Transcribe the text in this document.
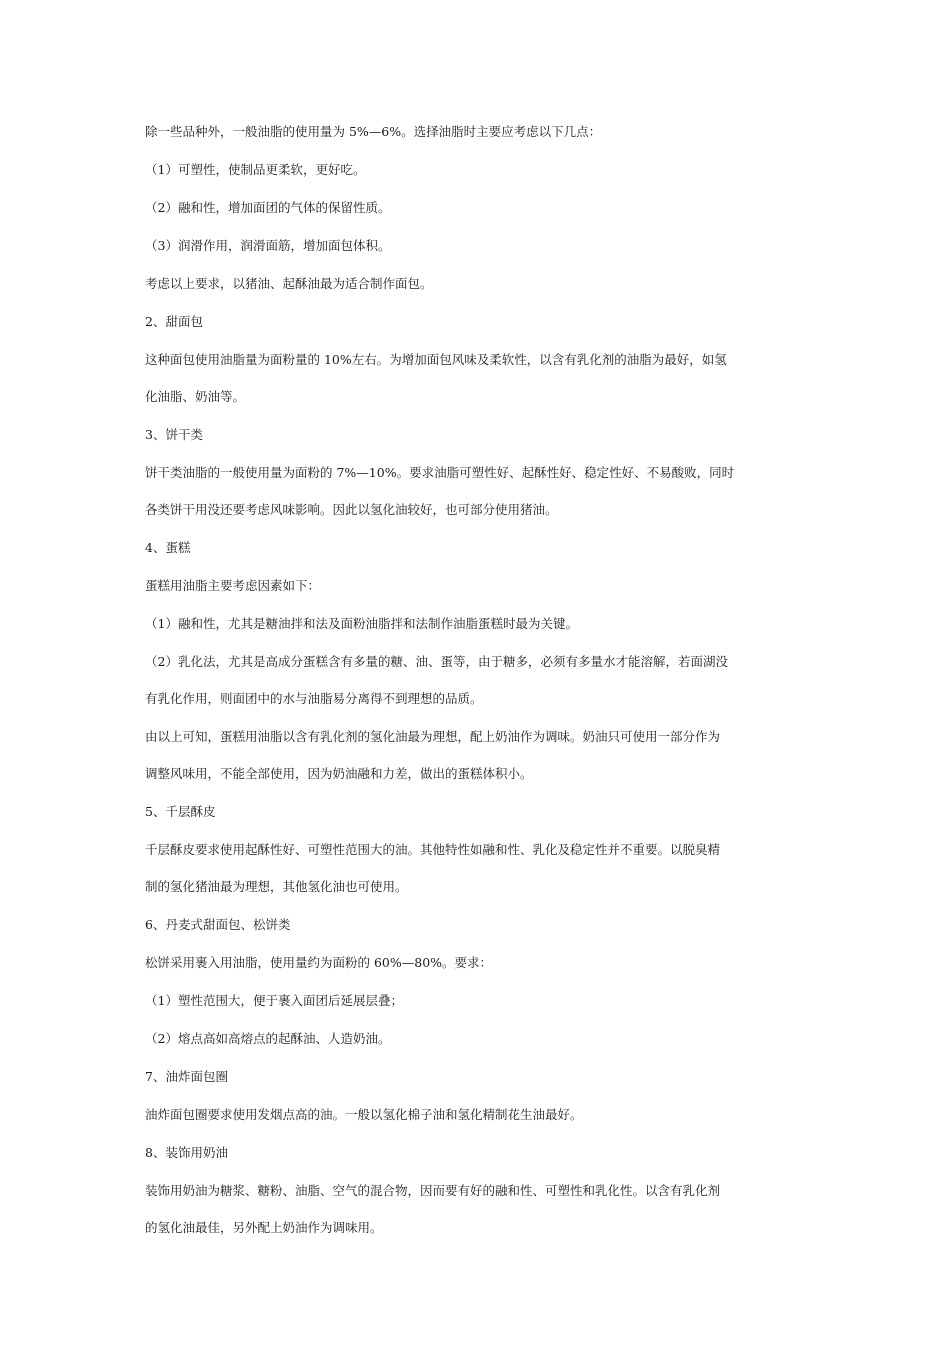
除一些品种外，一般油脂的使用量为 5%—6%。选择油脂时主要应考虑以下几点：

（1）可塑性，使制品更柔软，更好吃。

（2）融和性，增加面团的气体的保留性质。

（3）润滑作用，润滑面筋，增加面包体积。

考虑以上要求，以猪油、起酥油最为适合制作面包。

2、甜面包

这种面包使用油脂量为面粉量的 10%左右。为增加面包风味及柔软性，以含有乳化剂的油脂为最好，如氢

化油脂、奶油等。

3、饼干类

饼干类油脂的一般使用量为面粉的 7%—10%。要求油脂可塑性好、起酥性好、稳定性好、不易酸败，同时

各类饼干用没还要考虑风味影响。因此以氢化油较好，也可部分使用猪油。

4、蛋糕

蛋糕用油脂主要考虑因素如下：

（1）融和性，尤其是糖油拌和法及面粉油脂拌和法制作油脂蛋糕时最为关键。

（2）乳化法，尤其是高成分蛋糕含有多量的糖、油、蛋等，由于糖多，必须有多量水才能溶解，若面湖没

有乳化作用，则面团中的水与油脂易分离得不到理想的品质。

由以上可知，蛋糕用油脂以含有乳化剂的氢化油最为理想，配上奶油作为调味。奶油只可使用一部分作为

调整风味用，不能全部使用，因为奶油融和力差，做出的蛋糕体积小。

5、千层酥皮

千层酥皮要求使用起酥性好、可塑性范围大的油。其他特性如融和性、乳化及稳定性并不重要。以脱臭精

制的氢化猪油最为理想，其他氢化油也可使用。

6、丹麦式甜面包、松饼类

松饼采用裹入用油脂，使用量约为面粉的 60%—80%。要求：

（1）塑性范围大，便于裹入面团后延展层叠；

（2）熔点高如高熔点的起酥油、人造奶油。

7、油炸面包圈

油炸面包圈要求使用发烟点高的油。一般以氢化棉子油和氢化精制花生油最好。

8、装饰用奶油

装饰用奶油为糖浆、糖粉、油脂、空气的混合物，因而要有好的融和性、可塑性和乳化性。以含有乳化剂

的氢化油最佳，另外配上奶油作为调味用。
